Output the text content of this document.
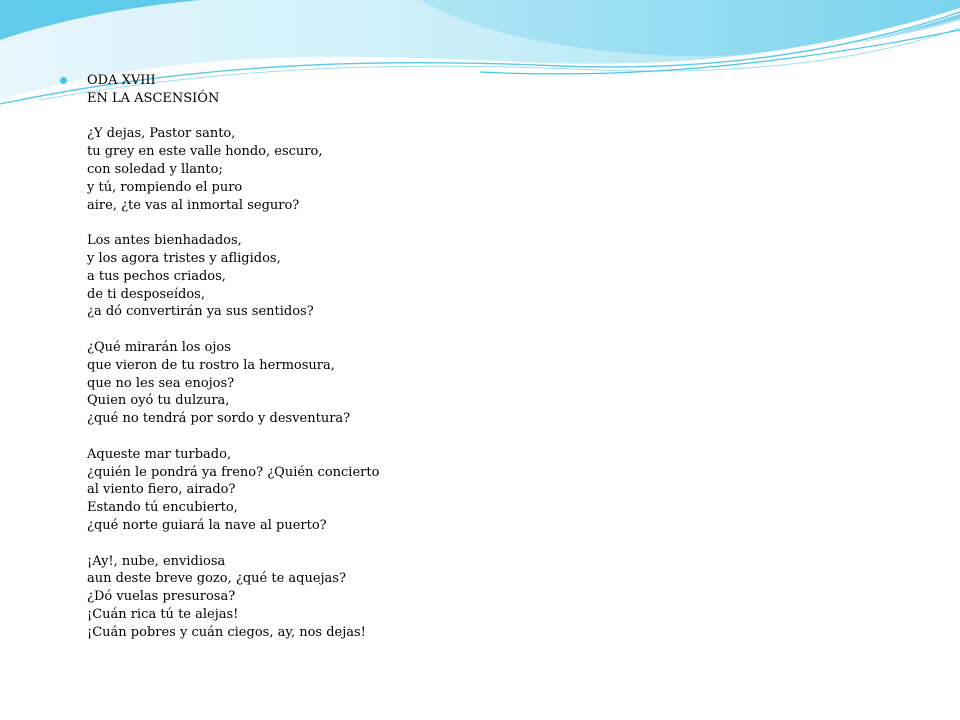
ODA XVIII
EN LA ASCENSIÓN
¿Y dejas, Pastor santo,
tu grey en este valle hondo, escuro,
con soledad y llanto;
y tú, rompiendo el puro
aire, ¿te vas al inmortal seguro?
Los antes bienhadados,
y los agora tristes y afligidos,
a tus pechos criados,
de ti desposeídos,
¿a dó convertirán ya sus sentidos?
¿Qué mirarán los ojos
que vieron de tu rostro la hermosura,
que no les sea enojos?
Quien oyó tu dulzura,
¿qué no tendrá por sordo y desventura?
Aqueste mar turbado,
¿quién le pondrá ya freno? ¿Quién concierto
al viento fiero, airado?
Estando tú encubierto,
¿qué norte guiará la nave al puerto?
¡Ay!, nube, envidiosa
aun deste breve gozo, ¿qué te aquejas?
¿Dó vuelas presurosa?
¡Cuán rica tú te alejas!
¡Cuán pobres y cuán ciegos, ay, nos dejas!
